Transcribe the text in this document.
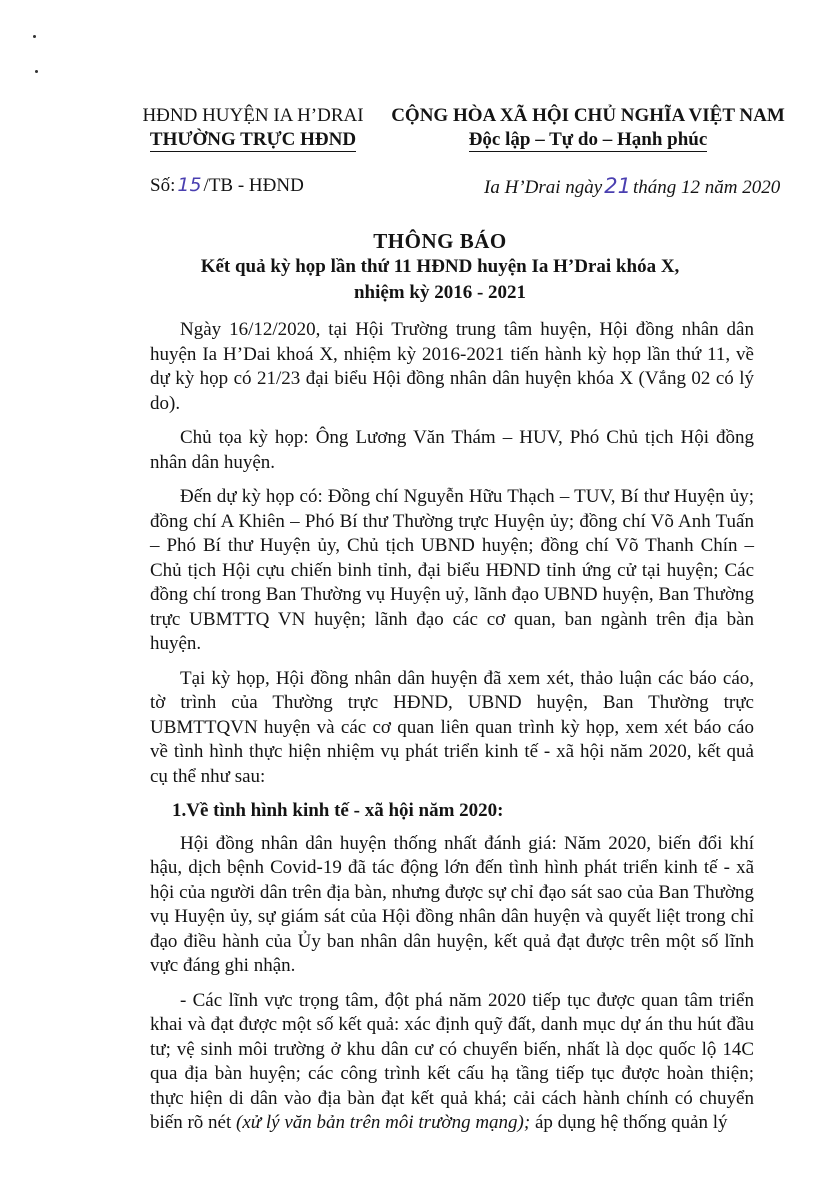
HĐND HUYỆN IA H’DRAI
THƯỜNG TRỰC HĐND
CỘNG HÒA XÃ HỘI CHỦ NGHĨA VIỆT NAM
Độc lập – Tự do – Hạnh phúc
Số: 15 /TB - HĐND	Ia H’Drai ngày21 tháng 12 năm 2020
THÔNG BÁO
Kết quả kỳ họp lần thứ 11 HĐND huyện Ia H’Drai khóa X,
nhiệm kỳ 2016 - 2021

Ngày 16/12/2020, tại Hội Trường trung tâm huyện, Hội đồng nhân dân huyện Ia H’Dai khoá X, nhiệm kỳ 2016-2021 tiến hành kỳ họp lần thứ 11, về dự kỳ họp có 21/23 đại biểu Hội đồng nhân dân huyện khóa X (Vắng 02 có lý do).

Chủ tọa kỳ họp: Ông Lương Văn Thám – HUV, Phó Chủ tịch Hội đồng nhân dân huyện.

Đến dự kỳ họp có: Đồng chí Nguyễn Hữu Thạch – TUV, Bí thư Huyện ủy; đồng chí A Khiên – Phó Bí thư Thường trực Huyện ủy; đồng chí Võ Anh Tuấn – Phó Bí thư Huyện ủy, Chủ tịch UBND huyện; đồng chí Võ Thanh Chín – Chủ tịch Hội cựu chiến binh tỉnh, đại biểu HĐND tỉnh ứng cử tại huyện; Các đồng chí trong Ban Thường vụ Huyện uỷ, lãnh đạo UBND huyện, Ban Thường trực UBMTTQ VN huyện; lãnh đạo các cơ quan, ban ngành trên địa bàn huyện.

Tại kỳ họp, Hội đồng nhân dân huyện đã xem xét, thảo luận các báo cáo, tờ trình của Thường trực HĐND, UBND huyện, Ban Thường trực UBMTTQVN huyện và các cơ quan liên quan trình kỳ họp, xem xét báo cáo về tình hình thực hiện nhiệm vụ phát triển kinh tế - xã hội năm 2020, kết quả cụ thể như sau:

1.Về tình hình kinh tế - xã hội năm 2020:

Hội đồng nhân dân huyện thống nhất đánh giá: Năm 2020, biến đổi khí hậu, dịch bệnh Covid-19 đã tác động lớn đến tình hình phát triển kinh tế - xã hội của người dân trên địa bàn, nhưng được sự chỉ đạo sát sao của Ban Thường vụ Huyện ủy, sự giám sát của Hội đồng nhân dân huyện và quyết liệt trong chỉ đạo điều hành của Ủy ban nhân dân huyện, kết quả đạt được trên một số lĩnh vực đáng ghi nhận.

- Các lĩnh vực trọng tâm, đột phá năm 2020 tiếp tục được quan tâm triển khai và đạt được một số kết quả: xác định quỹ đất, danh mục dự án thu hút đầu tư; vệ sinh môi trường ở khu dân cư có chuyển biến, nhất là dọc quốc lộ 14C qua địa bàn huyện; các công trình kết cấu hạ tầng tiếp tục được hoàn thiện; thực hiện di dân vào địa bàn đạt kết quả khá; cải cách hành chính có chuyển biến rõ nét (xử lý văn bản trên môi trường mạng); áp dụng hệ thống quản lý
